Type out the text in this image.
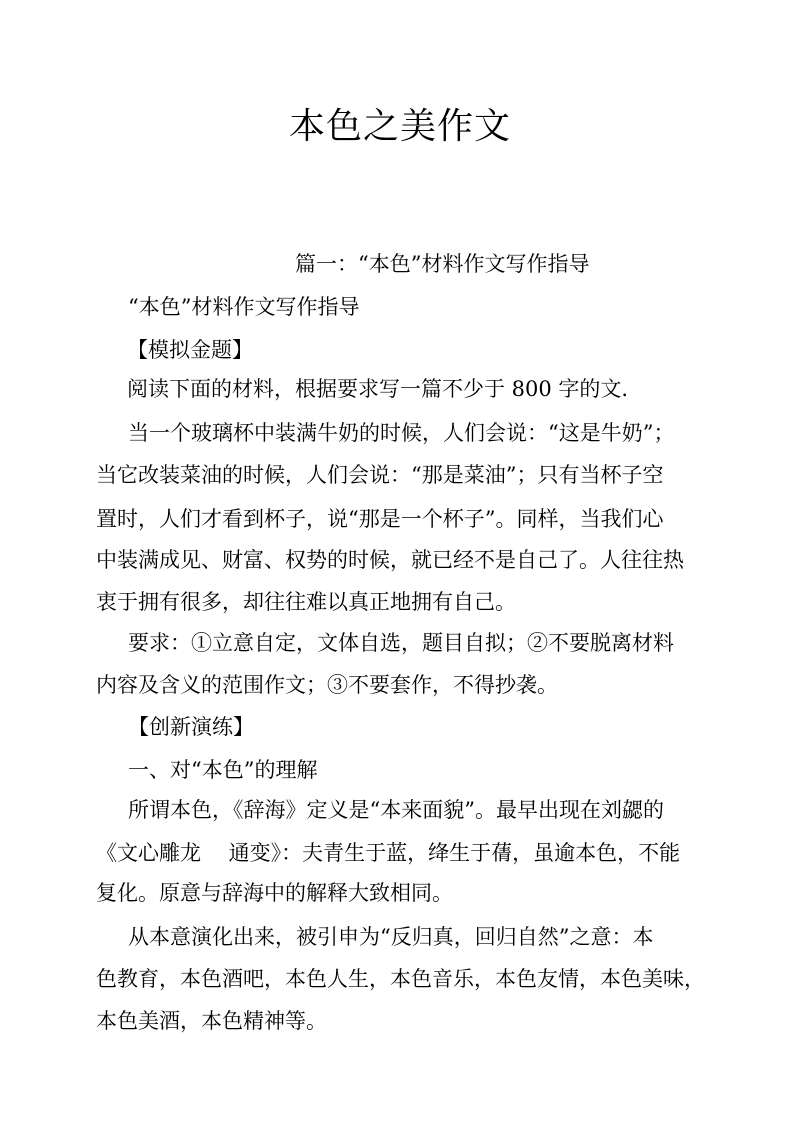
本色之美作文
篇一：“本色”材料作文写作指导
“本色”材料作文写作指导
【模拟金题】
阅读下面的材料，根据要求写一篇不少于 800 字的文.
当一个玻璃杯中装满牛奶的时候，人们会说：“这是牛奶”；
当它改装菜油的时候，人们会说：“那是菜油”；只有当杯子空
置时，人们才看到杯子，说“那是一个杯子”。同样，当我们心
中装满成见、财富、权势的时候，就已经不是自己了。人往往热
衷于拥有很多，却往往难以真正地拥有自己。
要求：①立意自定，文体自选，题目自拟；②不要脱离材料
内容及含义的范围作文；③不要套作，不得抄袭。
【创新演练】
一、对“本色”的理解
所谓本色，《辞海》定义是“本来面貌”。最早出现在刘勰的
《文心雕龙　 通变》：夫青生于蓝，绛生于蒨，虽逾本色，不能
复化。原意与辞海中的解释大致相同。
从本意演化出来，被引申为“反归真，回归自然”之意：本
色教育，本色酒吧，本色人生，本色音乐，本色友情，本色美味，
本色美酒，本色精神等。
